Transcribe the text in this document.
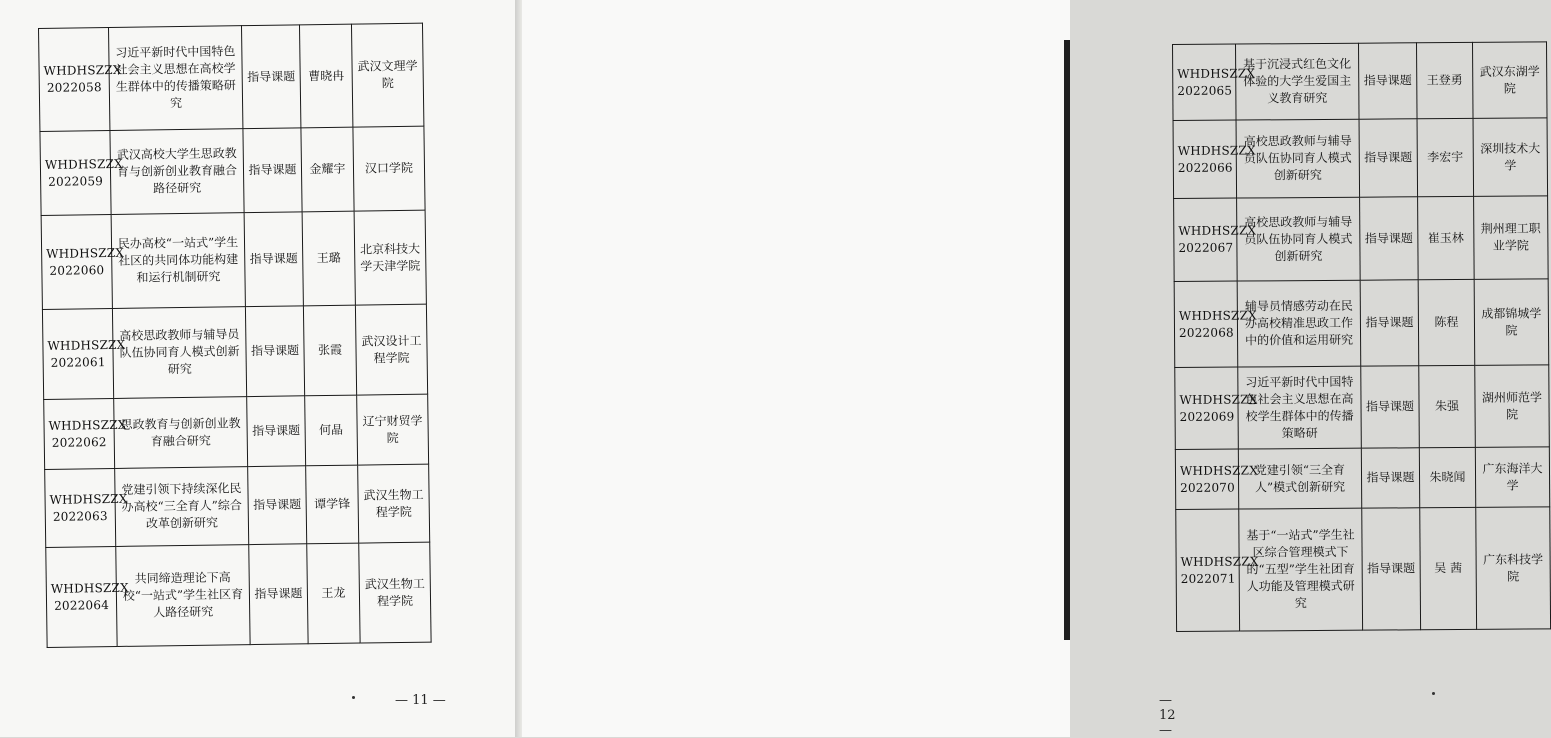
WHDHSZZX
2022058	习近平新时代中国特色社会主义思想在高校学生群体中的传播策略研究	指导课题	曹晓冉	武汉文理学院

WHDHSZZX
2022059	武汉高校大学生思政教育与创新创业教育融合路径研究	指导课题	金耀宇	汉口学院

WHDHSZZX
2022060	民办高校“一站式”学生社区的共同体功能构建和运行机制研究	指导课题	王璐	北京科技大学天津学院

WHDHSZZX
2022061	高校思政教师与辅导员队伍协同育人模式创新研究	指导课题	张霞	武汉设计工程学院

WHDHSZZX
2022062	思政教育与创新创业教育融合研究	指导课题	何晶	辽宁财贸学院

WHDHSZZX
2022063	党建引领下持续深化民办高校“三全育人”综合改革创新研究	指导课题	谭学锋	武汉生物工程学院

WHDHSZZX
2022064	共同缔造理论下高校“一站式”学生社区育人路径研究	指导课题	王龙	武汉生物工程学院
— 11 —
WHDHSZZX
2022065	基于沉浸式红色文化体验的大学生爱国主义教育研究	指导课题	王登勇	武汉东湖学院

WHDHSZZX
2022066	高校思政教师与辅导员队伍协同育人模式创新研究	指导课题	李宏宇	深圳技术大学

WHDHSZZX
2022067	高校思政教师与辅导员队伍协同育人模式创新研究	指导课题	崔玉林	荆州理工职业学院

WHDHSZZX
2022068	辅导员情感劳动在民办高校精准思政工作中的价值和运用研究	指导课题	陈程	成都锦城学院

WHDHSZZX
2022069	习近平新时代中国特色社会主义思想在高校学生群体中的传播策略研	指导课题	朱强	湖州师范学院

WHDHSZZX
2022070	党建引领“三全育人”模式创新研究	指导课题	朱晓闻	广东海洋大学

WHDHSZZX
2022071	基于“一站式”学生社区综合管理模式下的“五型”学生社团育人功能及管理模式研究	指导课题	吴 茜	广东科技学院
— 12 —
